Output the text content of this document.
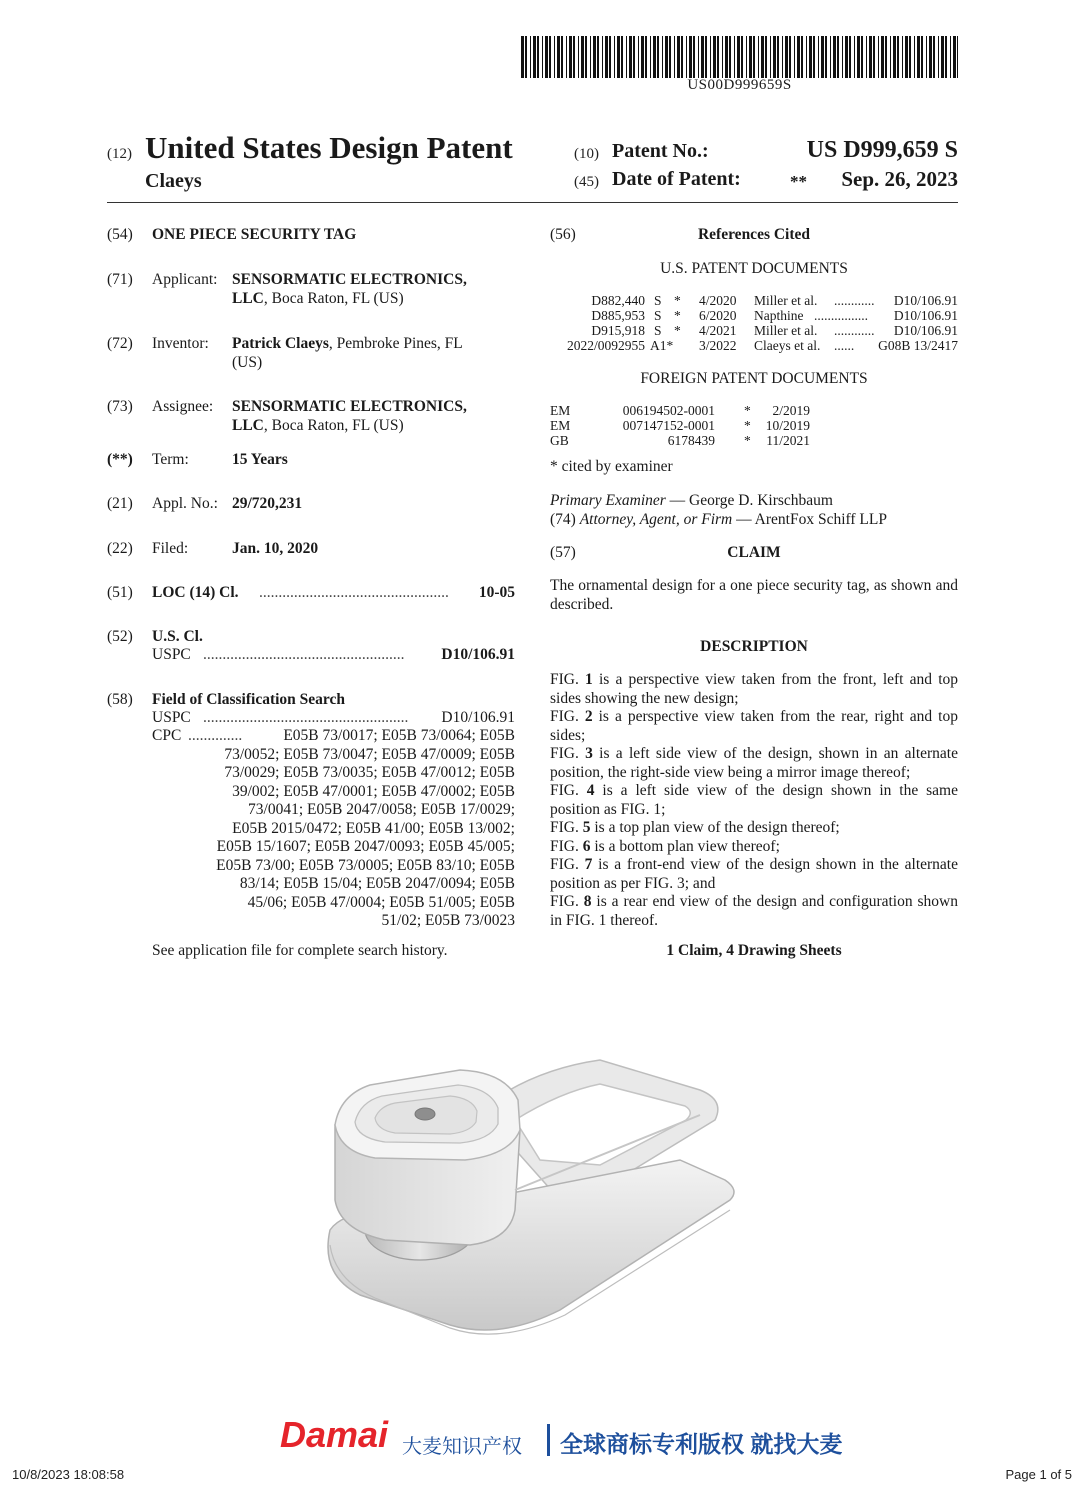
US00D999659S
(12) United States Design Patent
Claeys
(10) Patent No.:	US D999,659 S
(45) Date of Patent:	** Sep. 26, 2023
(54)	ONE PIECE SECURITY TAG
(71)	Applicant: SENSORMATIC ELECTRONICS,
LLC, Boca Raton, FL (US)
(72)	Inventor: Patrick Claeys, Pembroke Pines, FL
(US)
(73)	Assignee: SENSORMATIC ELECTRONICS,
LLC, Boca Raton, FL (US)
(**)	Term:	15 Years
(21)	Appl. No.: 29/720,231
(22)	Filed:	Jan. 10, 2020
(51)	LOC (14) Cl. ................................................. 10-05
(52)	U.S. Cl.
USPC .................................................... D10/106.91
(58)	Field of Classification Search
USPC ..................................................... D10/106.91
CPC ..............	E05B 73/0017; E05B 73/0064; E05B
73/0052; E05B 73/0047; E05B 47/0009; E05B
73/0029; E05B 73/0035; E05B 47/0012; E05B
39/002; E05B 47/0001; E05B 47/0002; E05B
73/0041; E05B 2047/0058; E05B 17/0029;
E05B 2015/0472; E05B 41/00; E05B 13/002;
E05B 15/1607; E05B 2047/0093; E05B 45/005;
E05B 73/00; E05B 73/0005; E05B 83/10; E05B
83/14; E05B 15/04; E05B 2047/0094; E05B
45/06; E05B 47/0004; E05B 51/005; E05B
51/02; E05B 73/0023
See application file for complete search history.
(56)	References Cited
U.S. PATENT DOCUMENTS
D882,440 S * 4/2020 Miller et al. ............ D10/106.91
D885,953 S * 6/2020 Napthine ................ D10/106.91
D915,918 S * 4/2021 Miller et al. ............ D10/106.91
2022/0092955 A1* 3/2022 Claeys et al. ...... G08B 13/2417
FOREIGN PATENT DOCUMENTS
EM	006194502-0001 * 2/2019
EM	007147152-0001 * 10/2019
GB	6178439 * 11/2021
* cited by examiner
Primary Examiner — George D. Kirschbaum
(74) Attorney, Agent, or Firm — ArentFox Schiff LLP
(57)	CLAIM
The ornamental design for a one piece security tag, as shown and described.
DESCRIPTION
FIG. 1 is a perspective view taken from the front, left and top sides showing the new design;
FIG. 2 is a perspective view taken from the rear, right and top sides;
FIG. 3 is a left side view of the design, shown in an alternate position, the right-side view being a mirror image thereof;
FIG. 4 is a left side view of the design shown in the same position as FIG. 1;
FIG. 5 is a top plan view of the design thereof;
FIG. 6 is a bottom plan view thereof;
FIG. 7 is a front-end view of the design shown in the alternate position as per FIG. 3; and
FIG. 8 is a rear end view of the design and configuration shown in FIG. 1 thereof.
1 Claim, 4 Drawing Sheets
Damai 大麦知识产权 全球商标专利版权 就找大麦
10/8/2023 18:08:58	Page 1 of 5
